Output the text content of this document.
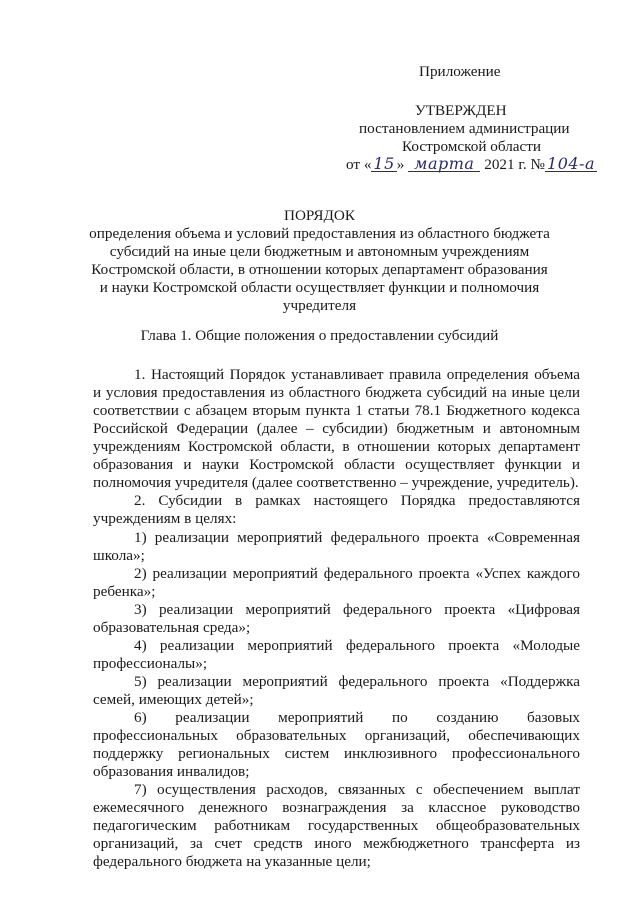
Приложение
УТВЕРЖДЕН
постановлением администрации
Костромской области
от « 15 » марта 2021 г. № 104-а
ПОРЯДОК
определения объема и условий предоставления из областного бюджета
субсидий на иные цели бюджетным и автономным учреждениям
Костромской области, в отношении которых департамент образования
и науки Костромской области осуществляет функции и полномочия
учредителя
Глава 1. Общие положения о предоставлении субсидий
1. Настоящий Порядок устанавливает правила определения объема
и условия предоставления из областного бюджета субсидий на иные цели
соответствии с абзацем вторым пункта 1 статьи 78.1 Бюджетного кодекса
Российской Федерации (далее – субсидии) бюджетным и автономным
учреждениям Костромской области, в отношении которых департамент
образования и науки Костромской области осуществляет функции и
полномочия учредителя (далее соответственно – учреждение, учредитель).
2. Субсидии в рамках настоящего Порядка предоставляются
учреждениям в целях:
1) реализации мероприятий федерального проекта «Современная
школа»;
2) реализации мероприятий федерального проекта «Успех каждого
ребенка»;
3) реализации мероприятий федерального проекта «Цифровая
образовательная среда»;
4) реализации мероприятий федерального проекта «Молодые
профессионалы»;
5) реализации мероприятий федерального проекта «Поддержка
семей, имеющих детей»;
6) реализации мероприятий по созданию базовых
профессиональных образовательных организаций, обеспечивающих
поддержку региональных систем инклюзивного профессионального
образования инвалидов;
7) осуществления расходов, связанных с обеспечением выплат
ежемесячного денежного вознаграждения за классное руководство
педагогическим работникам государственных общеобразовательных
организаций, за счет средств иного межбюджетного трансферта из
федерального бюджета на указанные цели;
